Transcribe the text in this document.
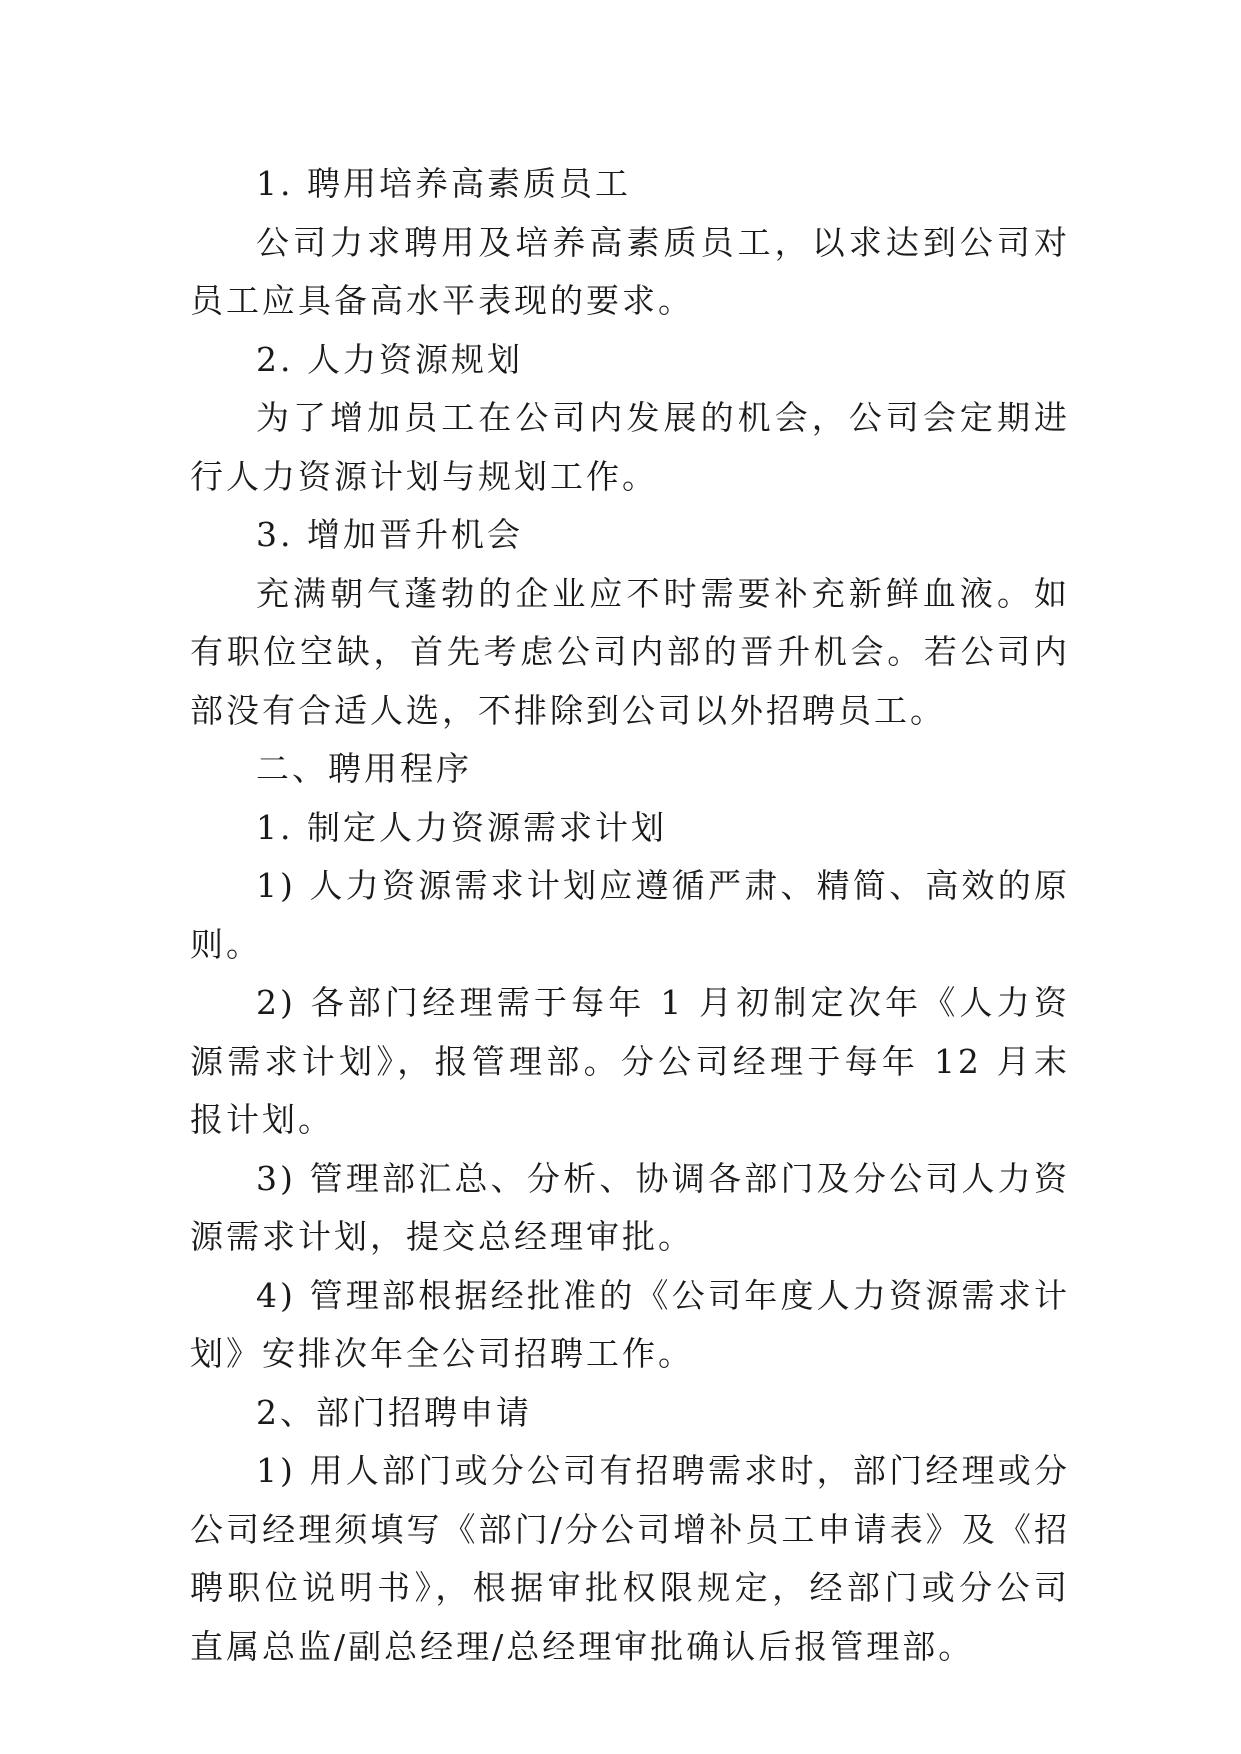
1. 聘用培养高素质员工

公司力求聘用及培养高素质员工，以求达到公司对员工应具备高水平表现的要求。

2. 人力资源规划

为了增加员工在公司内发展的机会，公司会定期进行人力资源计划与规划工作。

3. 增加晋升机会

充满朝气蓬勃的企业应不时需要补充新鲜血液。如有职位空缺，首先考虑公司内部的晋升机会。若公司内部没有合适人选，不排除到公司以外招聘员工。

二、聘用程序

1. 制定人力资源需求计划

1) 人力资源需求计划应遵循严肃、精简、高效的原则。

2) 各部门经理需于每年 1 月初制定次年《人力资源需求计划》，报管理部。分公司经理于每年 12 月末报计划。

3) 管理部汇总、分析、协调各部门及分公司人力资源需求计划，提交总经理审批。

4) 管理部根据经批准的《公司年度人力资源需求计划》安排次年全公司招聘工作。

2、部门招聘申请

1) 用人部门或分公司有招聘需求时，部门经理或分公司经理须填写《部门/分公司增补员工申请表》及《招聘职位说明书》，根据审批权限规定，经部门或分公司直属总监/副总经理/总经理审批确认后报管理部。
